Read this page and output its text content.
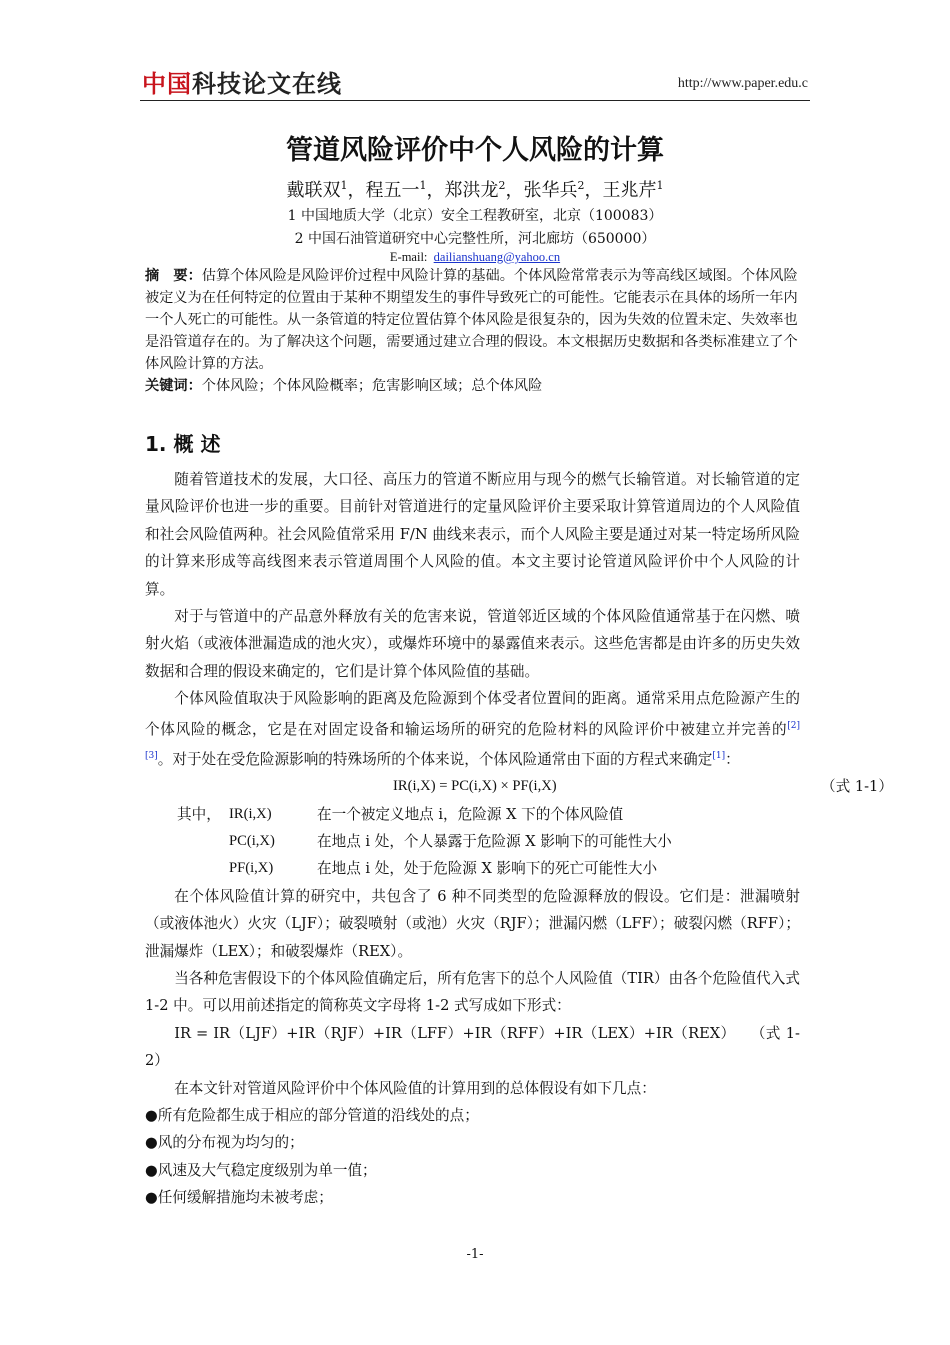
中国科技论文在线	http://www.paper.edu.c
管道风险评价中个人风险的计算
戴联双$^1$，程五一$^1$，郑洪龙$^2$，张华兵$^2$，王兆芹$^1$
1 中国地质大学（北京）安全工程教研室，北京（100083）
2 中国石油管道研究中心完整性所，河北廊坊（650000）
E-mail: dailianshuang@yahoo.cn

摘　要：估算个体风险是风险评价过程中风险计算的基础。个体风险常常表示为等高线区域图。个体风险被定义为在任何特定的位置由于某种不期望发生的事件导致死亡的可能性。它能表示在具体的场所一年内一个人死亡的可能性。从一条管道的特定位置估算个体风险是很复杂的，因为失效的位置未定、失效率也是沿管道存在的。为了解决这个问题，需要通过建立合理的假设。本文根据历史数据和各类标准建立了个体风险计算的方法。

关键词：个体风险；个体风险概率；危害影响区域；总个体风险

1. 概 述

随着管道技术的发展，大口径、高压力的管道不断应用与现今的燃气长输管道。对长输管道的定量风险评价也进一步的重要。目前针对管道进行的定量风险评价主要采取计算管道周边的个人风险值和社会风险值两种。社会风险值常采用 F/N 曲线来表示，而个人风险主要是通过对某一特定场所风险的计算来形成等高线图来表示管道周围个人风险的值。本文主要讨论管道风险评价中个人风险的计算。

对于与管道中的产品意外释放有关的危害来说，管道邻近区域的个体风险值通常基于在闪燃、喷射火焰（或液体泄漏造成的池火灾），或爆炸环境中的暴露值来表示。这些危害都是由许多的历史失效数据和合理的假设来确定的，它们是计算个体风险值的基础。

个体风险值取决于风险影响的距离及危险源到个体受者位置间的距离。通常采用点危险源产生的个体风险的概念，它是在对固定设备和输运场所的研究的危险材料的风险评价中被建立并完善的[2] [3]。对于处在受危险源影响的特殊场所的个体来说，个体风险通常由下面的方程式来确定[1]：

IR(i,X) = PC(i,X) × PF(i,X)	（式 1-1）
其中， IR(i,X)	在一个被定义地点 i，危险源 X 下的个体风险值
PC(i,X)	在地点 i 处，个人暴露于危险源 X 影响下的可能性大小
PF(i,X)	在地点 i 处，处于危险源 X 影响下的死亡可能性大小

在个体风险值计算的研究中，共包含了 6 种不同类型的危险源释放的假设。它们是：泄漏喷射（或液体池火）火灾（LJF）；破裂喷射（或池）火灾（RJF）；泄漏闪燃（LFF）；破裂闪燃（RFF）；泄漏爆炸（LEX）；和破裂爆炸（REX）。

当各种危害假设下的个体风险值确定后，所有危害下的总个人风险值（TIR）由各个危险值代入式 1-2 中。可以用前述指定的简称英文字母将 1-2 式写成如下形式：

IR = IR（LJF）+IR（RJF）+IR（LFF）+IR（RFF）+IR（LEX）+IR（REX）　　（式 1-2）

在本文针对管道风险评价中个体风险值的计算用到的总体假设有如下几点：

●所有危险都生成于相应的部分管道的沿线处的点；

●风的分布视为均匀的；

●风速及大气稳定度级别为单一值；

●任何缓解措施均未被考虑；

-1-
